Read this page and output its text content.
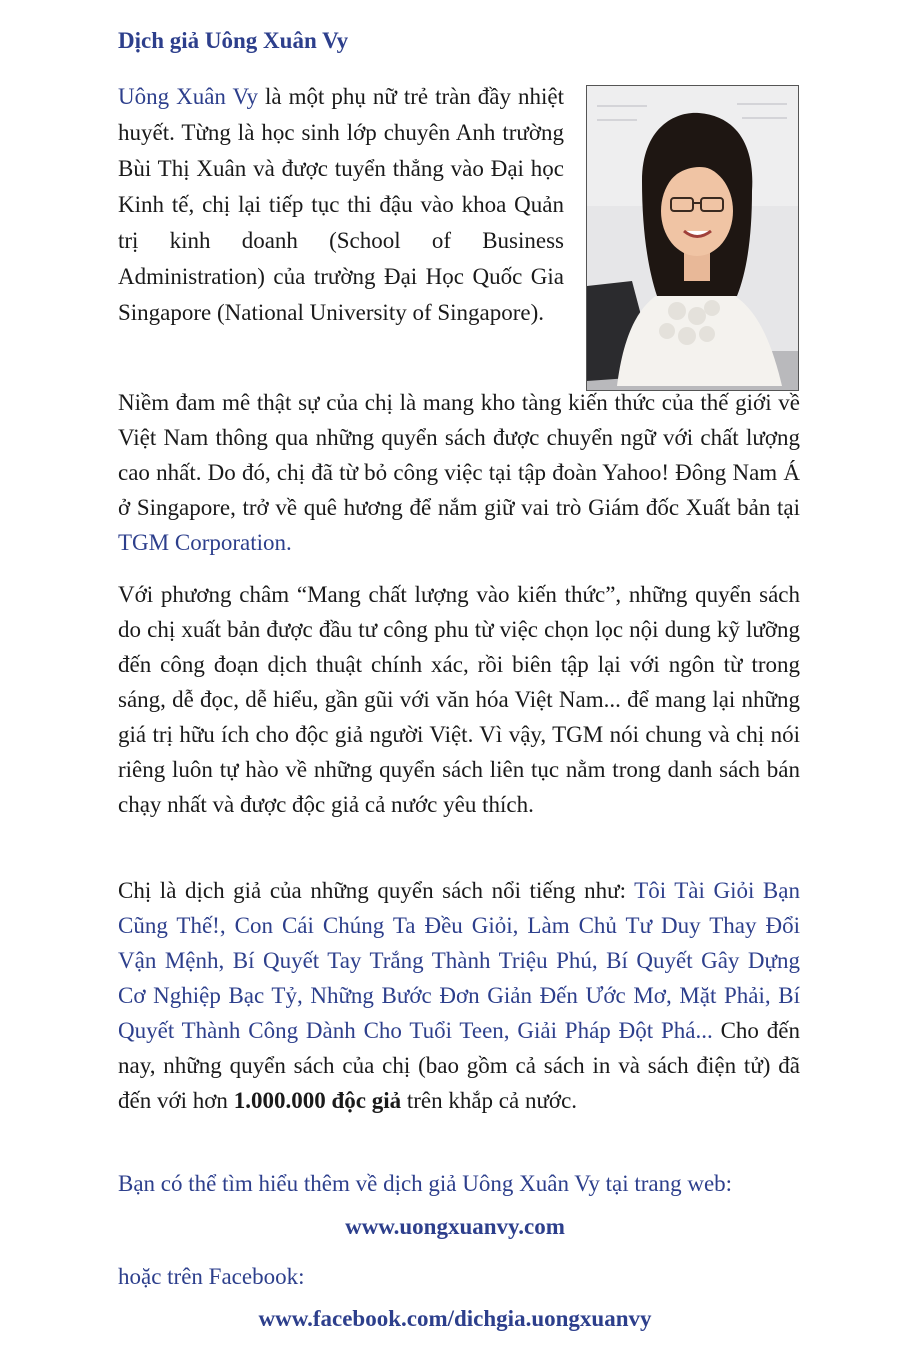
Dịch giả Uông Xuân Vy

Uông Xuân Vy là một phụ nữ trẻ tràn đầy nhiệt huyết. Từng là học sinh lớp chuyên Anh trường Bùi Thị Xuân và được tuyển thẳng vào Đại học Kinh tế, chị lại tiếp tục thi đậu vào khoa Quản trị kinh doanh (School of Business Administration) của trường Đại Học Quốc Gia Singapore (National University of Singapore).

Niềm đam mê thật sự của chị là mang kho tàng kiến thức của thế giới về Việt Nam thông qua những quyển sách được chuyển ngữ với chất lượng cao nhất. Do đó, chị đã từ bỏ công việc tại tập đoàn Yahoo! Đông Nam Á ở Singapore, trở về quê hương để nắm giữ vai trò Giám đốc Xuất bản tại TGM Corporation.

Với phương châm “Mang chất lượng vào kiến thức”, những quyển sách do chị xuất bản được đầu tư công phu từ việc chọn lọc nội dung kỹ lưỡng đến công đoạn dịch thuật chính xác, rồi biên tập lại với ngôn từ trong sáng, dễ đọc, dễ hiểu, gần gũi với văn hóa Việt Nam... để mang lại những giá trị hữu ích cho độc giả người Việt. Vì vậy, TGM nói chung và chị nói riêng luôn tự hào về những quyển sách liên tục nằm trong danh sách bán chạy nhất và được độc giả cả nước yêu thích.

Chị là dịch giả của những quyển sách nổi tiếng như: Tôi Tài Giỏi Bạn Cũng Thế!, Con Cái Chúng Ta Đều Giỏi, Làm Chủ Tư Duy Thay Đổi Vận Mệnh, Bí Quyết Tay Trắng Thành Triệu Phú, Bí Quyết Gây Dựng Cơ Nghiệp Bạc Tỷ, Những Bước Đơn Giản Đến Ước Mơ, Mặt Phải, Bí Quyết Thành Công Dành Cho Tuổi Teen, Giải Pháp Đột Phá... Cho đến nay, những quyển sách của chị (bao gồm cả sách in và sách điện tử) đã đến với hơn 1.000.000 độc giả trên khắp cả nước.

Bạn có thể tìm hiểu thêm về dịch giả Uông Xuân Vy tại trang web:

www.uongxuanvy.com

hoặc trên Facebook:

www.facebook.com/dichgia.uongxuanvy
